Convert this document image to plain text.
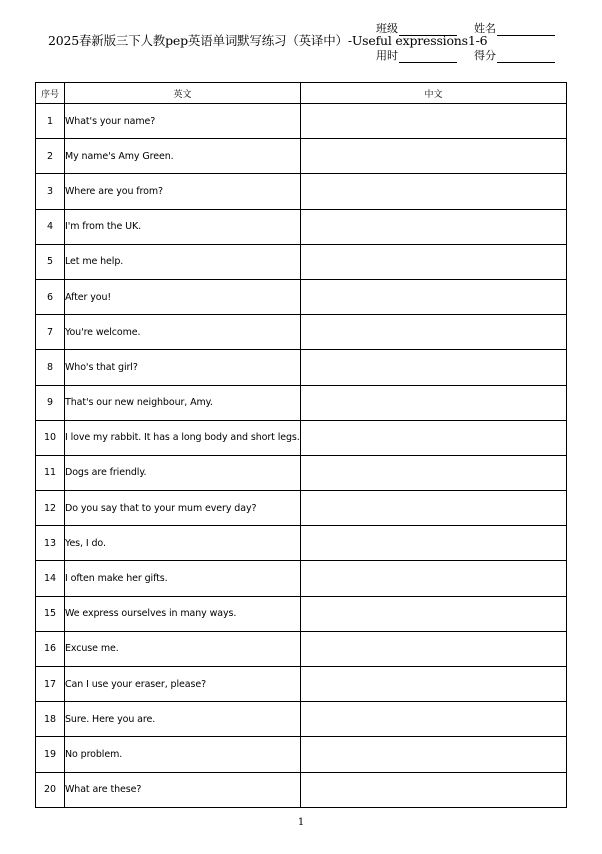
班级	姓名
2025春新版三下人教pep英语单词默写练习（英译中）-Useful expressions1-6
用时	得分
序号	英文	中文
1	What's your name?	
2	My name's Amy Green.	
3	Where are you from?	
4	I'm from the UK.	
5	Let me help.	
6	After you!	
7	You're welcome.	
8	Who's that girl?	
9	That's our new neighbour, Amy.	
10	I love my rabbit. It has a long body and short legs.	
11	Dogs are friendly.	
12	Do you say that to your mum every day?	
13	Yes, I do.	
14	I often make her gifts.	
15	We express ourselves in many ways.	
16	Excuse me.	
17	Can I use your eraser, please?	
18	Sure. Here you are.	
19	No problem.	
20	What are these?	
1
